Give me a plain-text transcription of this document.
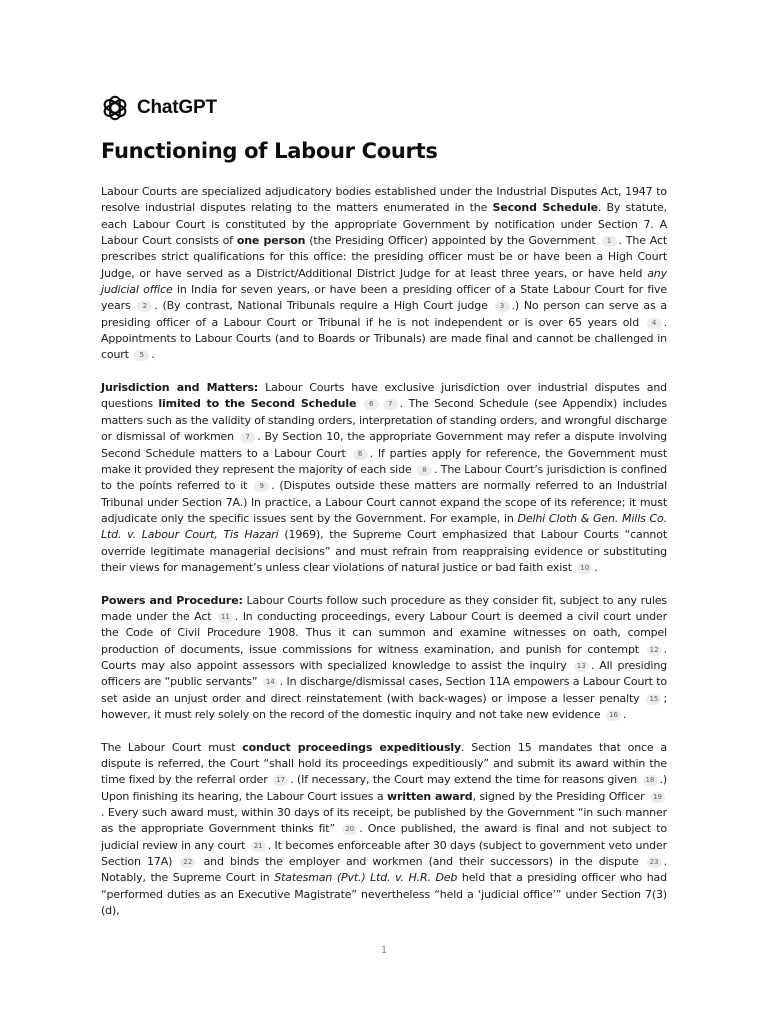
ChatGPT
Functioning of Labour Courts

Labour Courts are specialized adjudicatory bodies established under the Industrial Disputes Act, 1947 to resolve industrial disputes relating to the matters enumerated in the Second Schedule. By statute, each Labour Court is constituted by the appropriate Government by notification under Section 7. A Labour Court consists of one person (the Presiding Officer) appointed by the Government 1 . The Act prescribes strict qualifications for this office: the presiding officer must be or have been a High Court Judge, or have served as a District/Additional District Judge for at least three years, or have held any judicial office in India for seven years, or have been a presiding officer of a State Labour Court for five years 2 . (By contrast, National Tribunals require a High Court judge 3 .) No person can serve as a presiding officer of a Labour Court or Tribunal if he is not independent or is over 65 years old 4 . Appointments to Labour Courts (and to Boards or Tribunals) are made final and cannot be challenged in court 5 .

Jurisdiction and Matters: Labour Courts have exclusive jurisdiction over industrial disputes and questions limited to the Second Schedule 6 7 . The Second Schedule (see Appendix) includes matters such as the validity of standing orders, interpretation of standing orders, and wrongful discharge or dismissal of workmen 7 . By Section 10, the appropriate Government may refer a dispute involving Second Schedule matters to a Labour Court 6 . If parties apply for reference, the Government must make it provided they represent the majority of each side 8 . The Labour Court’s jurisdiction is confined to the points referred to it 9 . (Disputes outside these matters are normally referred to an Industrial Tribunal under Section 7A.) In practice, a Labour Court cannot expand the scope of its reference; it must adjudicate only the specific issues sent by the Government. For example, in Delhi Cloth & Gen. Mills Co. Ltd. v. Labour Court, Tis Hazari (1969), the Supreme Court emphasized that Labour Courts “cannot override legitimate managerial decisions” and must refrain from reappraising evidence or substituting their views for management’s unless clear violations of natural justice or bad faith exist 10 .

Powers and Procedure: Labour Courts follow such procedure as they consider fit, subject to any rules made under the Act 11 . In conducting proceedings, every Labour Court is deemed a civil court under the Code of Civil Procedure 1908. Thus it can summon and examine witnesses on oath, compel production of documents, issue commissions for witness examination, and punish for contempt 12 . Courts may also appoint assessors with specialized knowledge to assist the inquiry 13 . All presiding officers are “public servants” 14 . In discharge/dismissal cases, Section 11A empowers a Labour Court to set aside an unjust order and direct reinstatement (with back-wages) or impose a lesser penalty 15 ; however, it must rely solely on the record of the domestic inquiry and not take new evidence 16 .

The Labour Court must conduct proceedings expeditiously. Section 15 mandates that once a dispute is referred, the Court “shall hold its proceedings expeditiously” and submit its award within the time fixed by the referral order 17 . (If necessary, the Court may extend the time for reasons given 18 .) Upon finishing its hearing, the Labour Court issues a written award, signed by the Presiding Officer 19. Every such award must, within 30 days of its receipt, be published by the Government “in such manner as the appropriate Government thinks fit” 20 . Once published, the award is final and not subject to judicial review in any court 21 . It becomes enforceable after 30 days (subject to government veto under Section 17A) 22 and binds the employer and workmen (and their successors) in the dispute 23 . Notably, the Supreme Court in Statesman (Pvt.) Ltd. v. H.R. Deb held that a presiding officer who had “performed duties as an Executive Magistrate” nevertheless “held a ‘judicial office’” under Section 7(3)(d),

1
